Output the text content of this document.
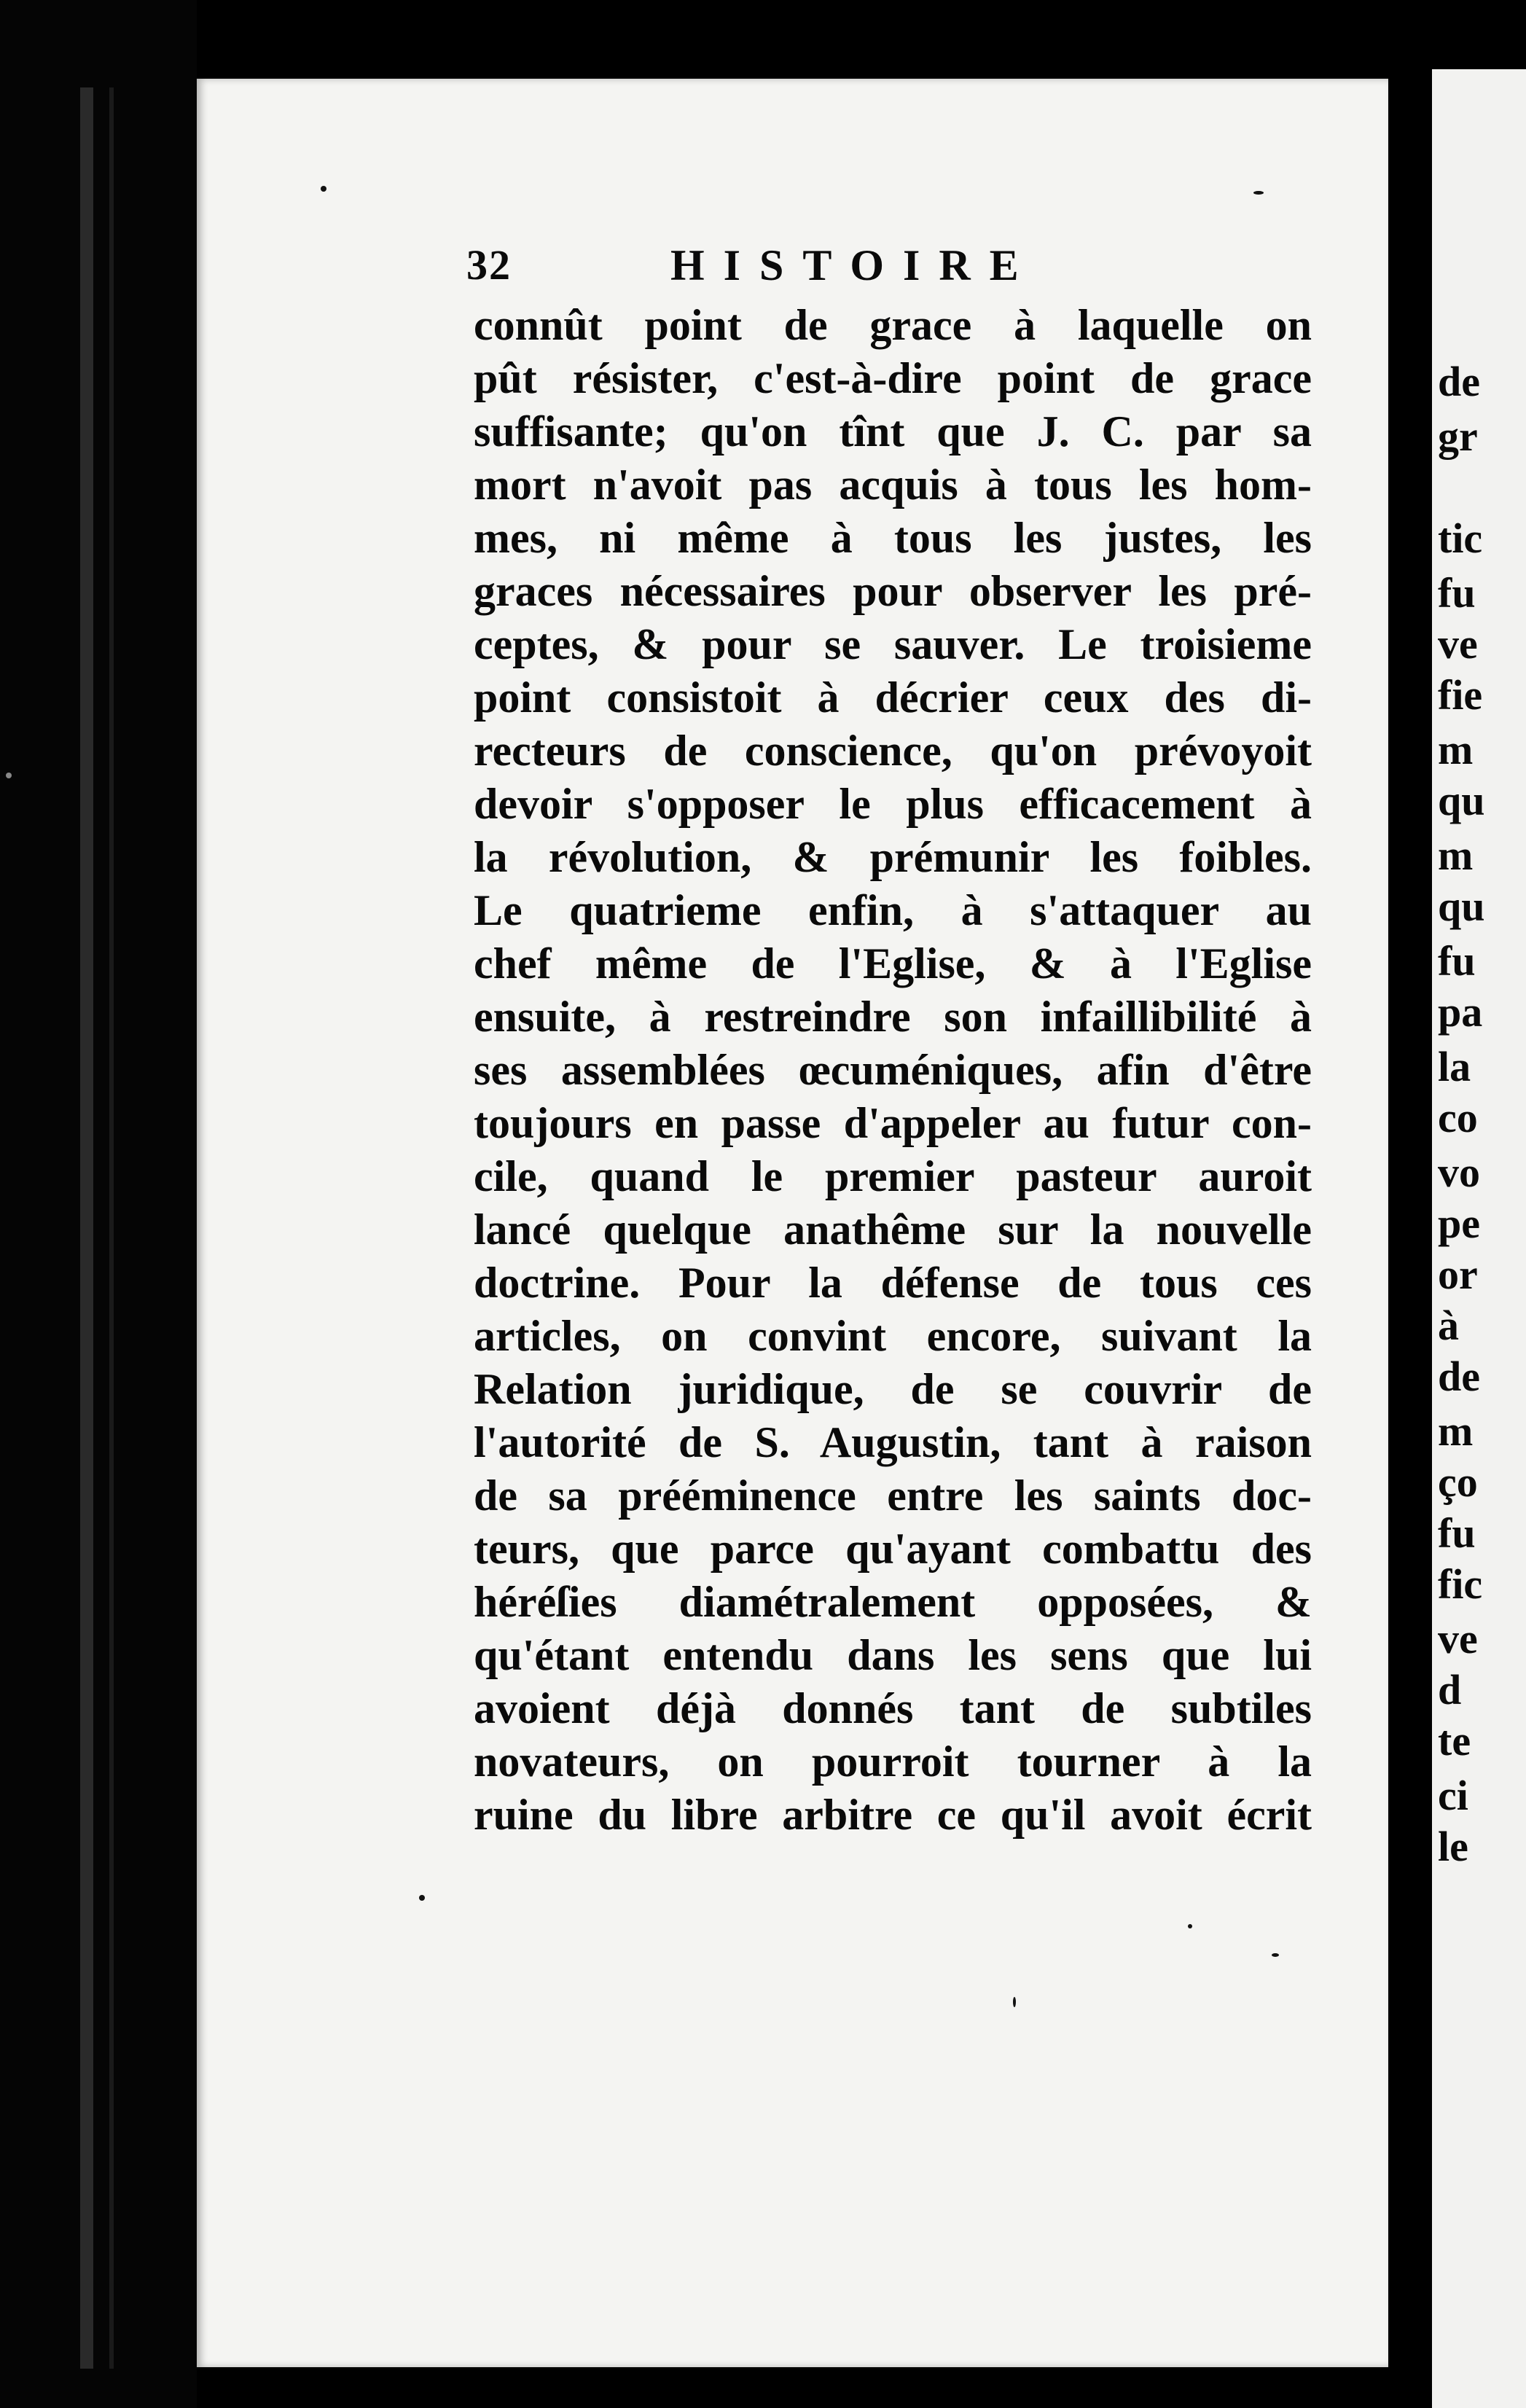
de
gr
tic
fu
ve
fie
m
qu
m
qu
fu
pa
la
co
vo
pe
or
à
de
m
ço
fu
fic
ve
d
te
ci
le
32	HISTOIRE
connût point de grace à laquelle on
pût résister, c'est-à-dire point de grace
suffisante; qu'on tînt que J. C. par sa
mort n'avoit pas acquis à tous les hom-
mes, ni même à tous les justes, les
graces nécessaires pour observer les pré-
ceptes, & pour se sauver. Le troisieme
point consistoit à décrier ceux des di-
recteurs de conscience, qu'on prévoyoit
devoir s'opposer le plus efficacement à
la révolution, & prémunir les foibles.
Le quatrieme enfin, à s'attaquer au
chef même de l'Eglise, & à l'Eglise
ensuite, à restreindre son infaillibilité à
ses assemblées œcuméniques, afin d'être
toujours en passe d'appeler au futur con-
cile, quand le premier pasteur auroit
lancé quelque anathême sur la nouvelle
doctrine. Pour la défense de tous ces
articles, on convint encore, suivant la
Relation juridique, de se couvrir de
l'autorité de S. Augustin, tant à raison
de sa prééminence entre les saints doc-
teurs, que parce qu'ayant combattu des
héréſies diamétralement opposées, &
qu'étant entendu dans les sens que lui
avoient déjà donnés tant de subtiles
novateurs, on pourroit tourner à la
ruine du libre arbitre ce qu'il avoit écrit
